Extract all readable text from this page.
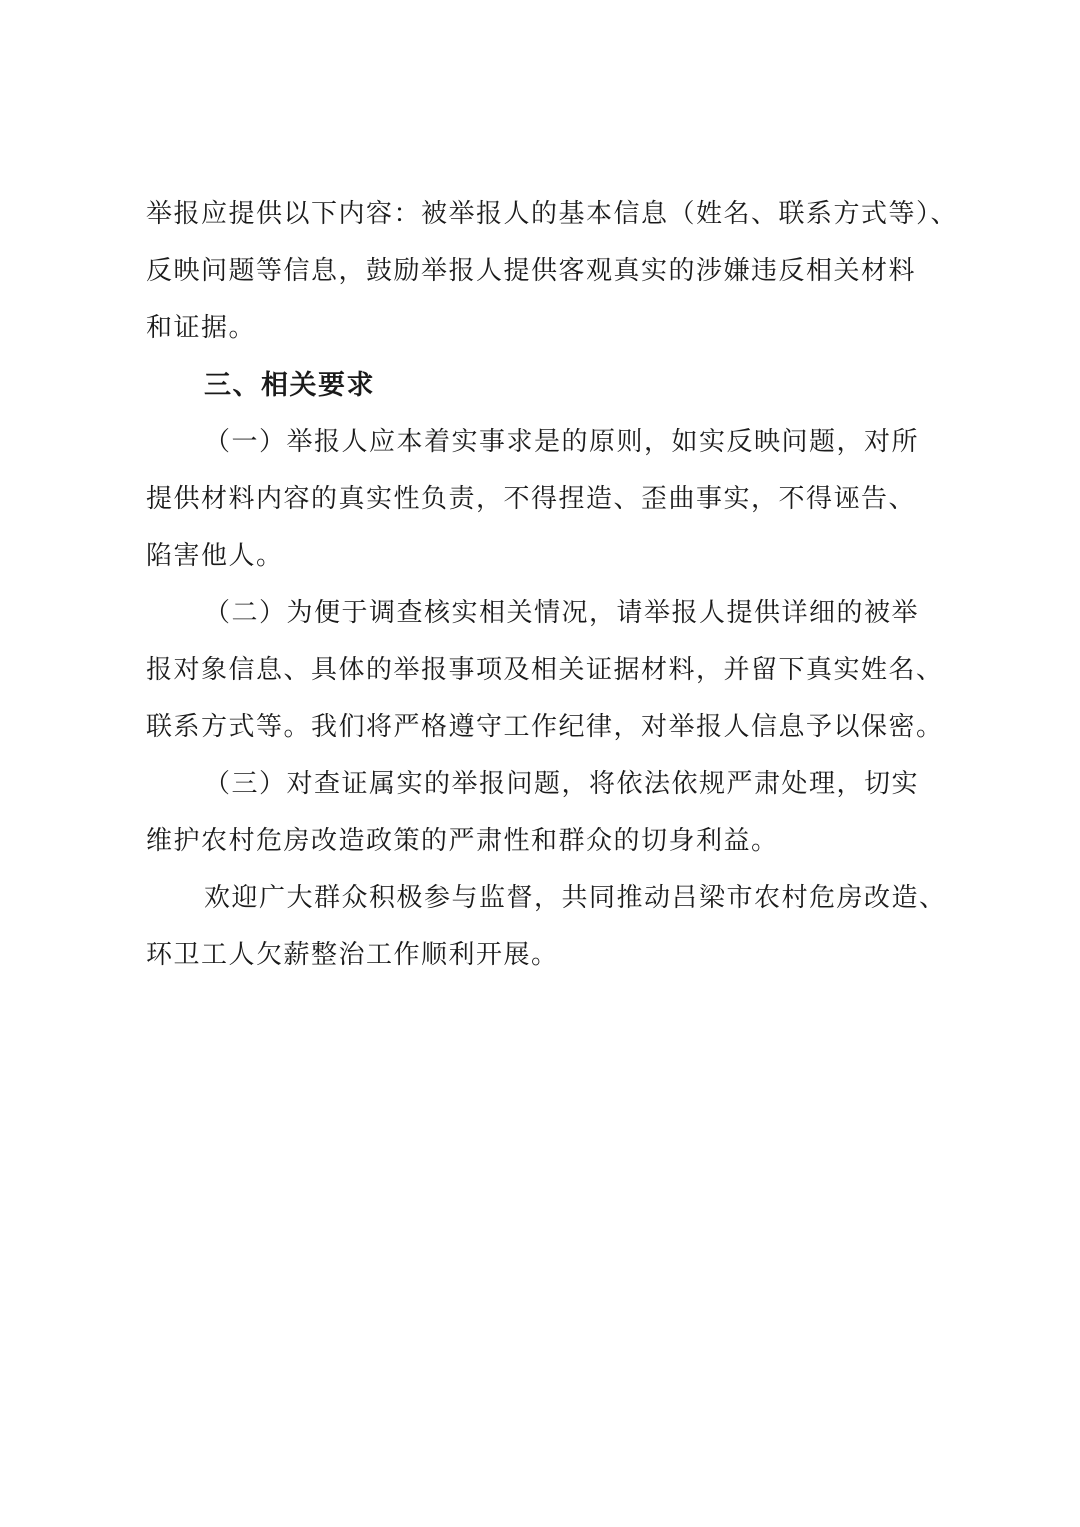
举报应提供以下内容：被举报人的基本信息（姓名、联系方式等）、
反映问题等信息，鼓励举报人提供客观真实的涉嫌违反相关材料
和证据。
三、相关要求
（一）举报人应本着实事求是的原则，如实反映问题，对所
提供材料内容的真实性负责，不得捏造、歪曲事实，不得诬告、
陷害他人。
（二）为便于调查核实相关情况，请举报人提供详细的被举
报对象信息、具体的举报事项及相关证据材料，并留下真实姓名、
联系方式等。我们将严格遵守工作纪律，对举报人信息予以保密。
（三）对查证属实的举报问题，将依法依规严肃处理，切实
维护农村危房改造政策的严肃性和群众的切身利益。
欢迎广大群众积极参与监督，共同推动吕梁市农村危房改造、
环卫工人欠薪整治工作顺利开展。
